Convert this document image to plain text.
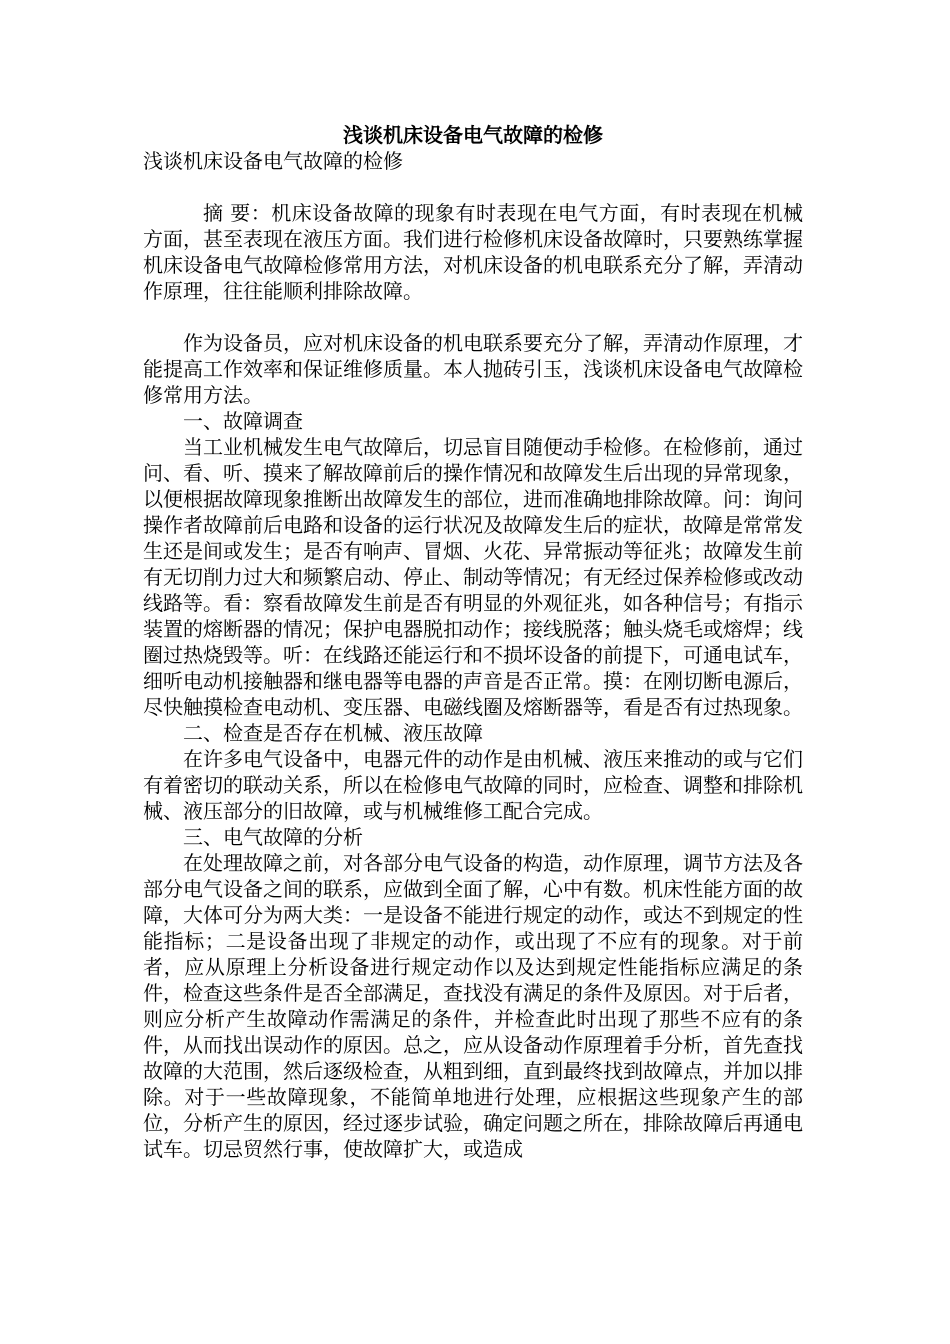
浅谈机床设备电气故障的检修

浅谈机床设备电气故障的检修

摘 要：机床设备故障的现象有时表现在电气方面，有时表现在机械方面，甚至表现在液压方面。我们进行检修机床设备故障时，只要熟练掌握机床设备电气故障检修常用方法，对机床设备的机电联系充分了解，弄清动作原理，往往能顺利排除故障。

作为设备员，应对机床设备的机电联系要充分了解，弄清动作原理，才能提高工作效率和保证维修质量。本人抛砖引玉，浅谈机床设备电气故障检修常用方法。

一、故障调查

当工业机械发生电气故障后，切忌盲目随便动手检修。在检修前，通过问、看、听、摸来了解故障前后的操作情况和故障发生后出现的异常现象，以便根据故障现象推断出故障发生的部位，进而准确地排除故障。问：询问操作者故障前后电路和设备的运行状况及故障发生后的症状，故障是常常发生还是间或发生；是否有响声、冒烟、火花、异常振动等征兆；故障发生前有无切削力过大和频繁启动、停止、制动等情况；有无经过保养检修或改动线路等。看：察看故障发生前是否有明显的外观征兆，如各种信号；有指示装置的熔断器的情况；保护电器脱扣动作；接线脱落；触头烧毛或熔焊；线圈过热烧毁等。听：在线路还能运行和不损坏设备的前提下，可通电试车，细听电动机接触器和继电器等电器的声音是否正常。摸：在刚切断电源后，尽快触摸检查电动机、变压器、电磁线圈及熔断器等，看是否有过热现象。

二、检查是否存在机械、液压故障

在许多电气设备中，电器元件的动作是由机械、液压来推动的或与它们有着密切的联动关系，所以在检修电气故障的同时，应检查、调整和排除机械、液压部分的旧故障，或与机械维修工配合完成。

三、电气故障的分析

在处理故障之前，对各部分电气设备的构造，动作原理，调节方法及各部分电气设备之间的联系，应做到全面了解，心中有数。机床性能方面的故障，大体可分为两大类：一是设备不能进行规定的动作，或达不到规定的性能指标；二是设备出现了非规定的动作，或出现了不应有的现象。对于前者，应从原理上分析设备进行规定动作以及达到规定性能指标应满足的条件，检查这些条件是否全部满足，查找没有满足的条件及原因。对于后者，则应分析产生故障动作需满足的条件，并检查此时出现了那些不应有的条件，从而找出误动作的原因。总之，应从设备动作原理着手分析，首先查找故障的大范围，然后逐级检查，从粗到细，直到最终找到故障点，并加以排除。对于一些故障现象，不能简单地进行处理，应根据这些现象产生的部位，分析产生的原因，经过逐步试验，确定问题之所在，排除故障后再通电试车。切忌贸然行事，使故障扩大，或造成
